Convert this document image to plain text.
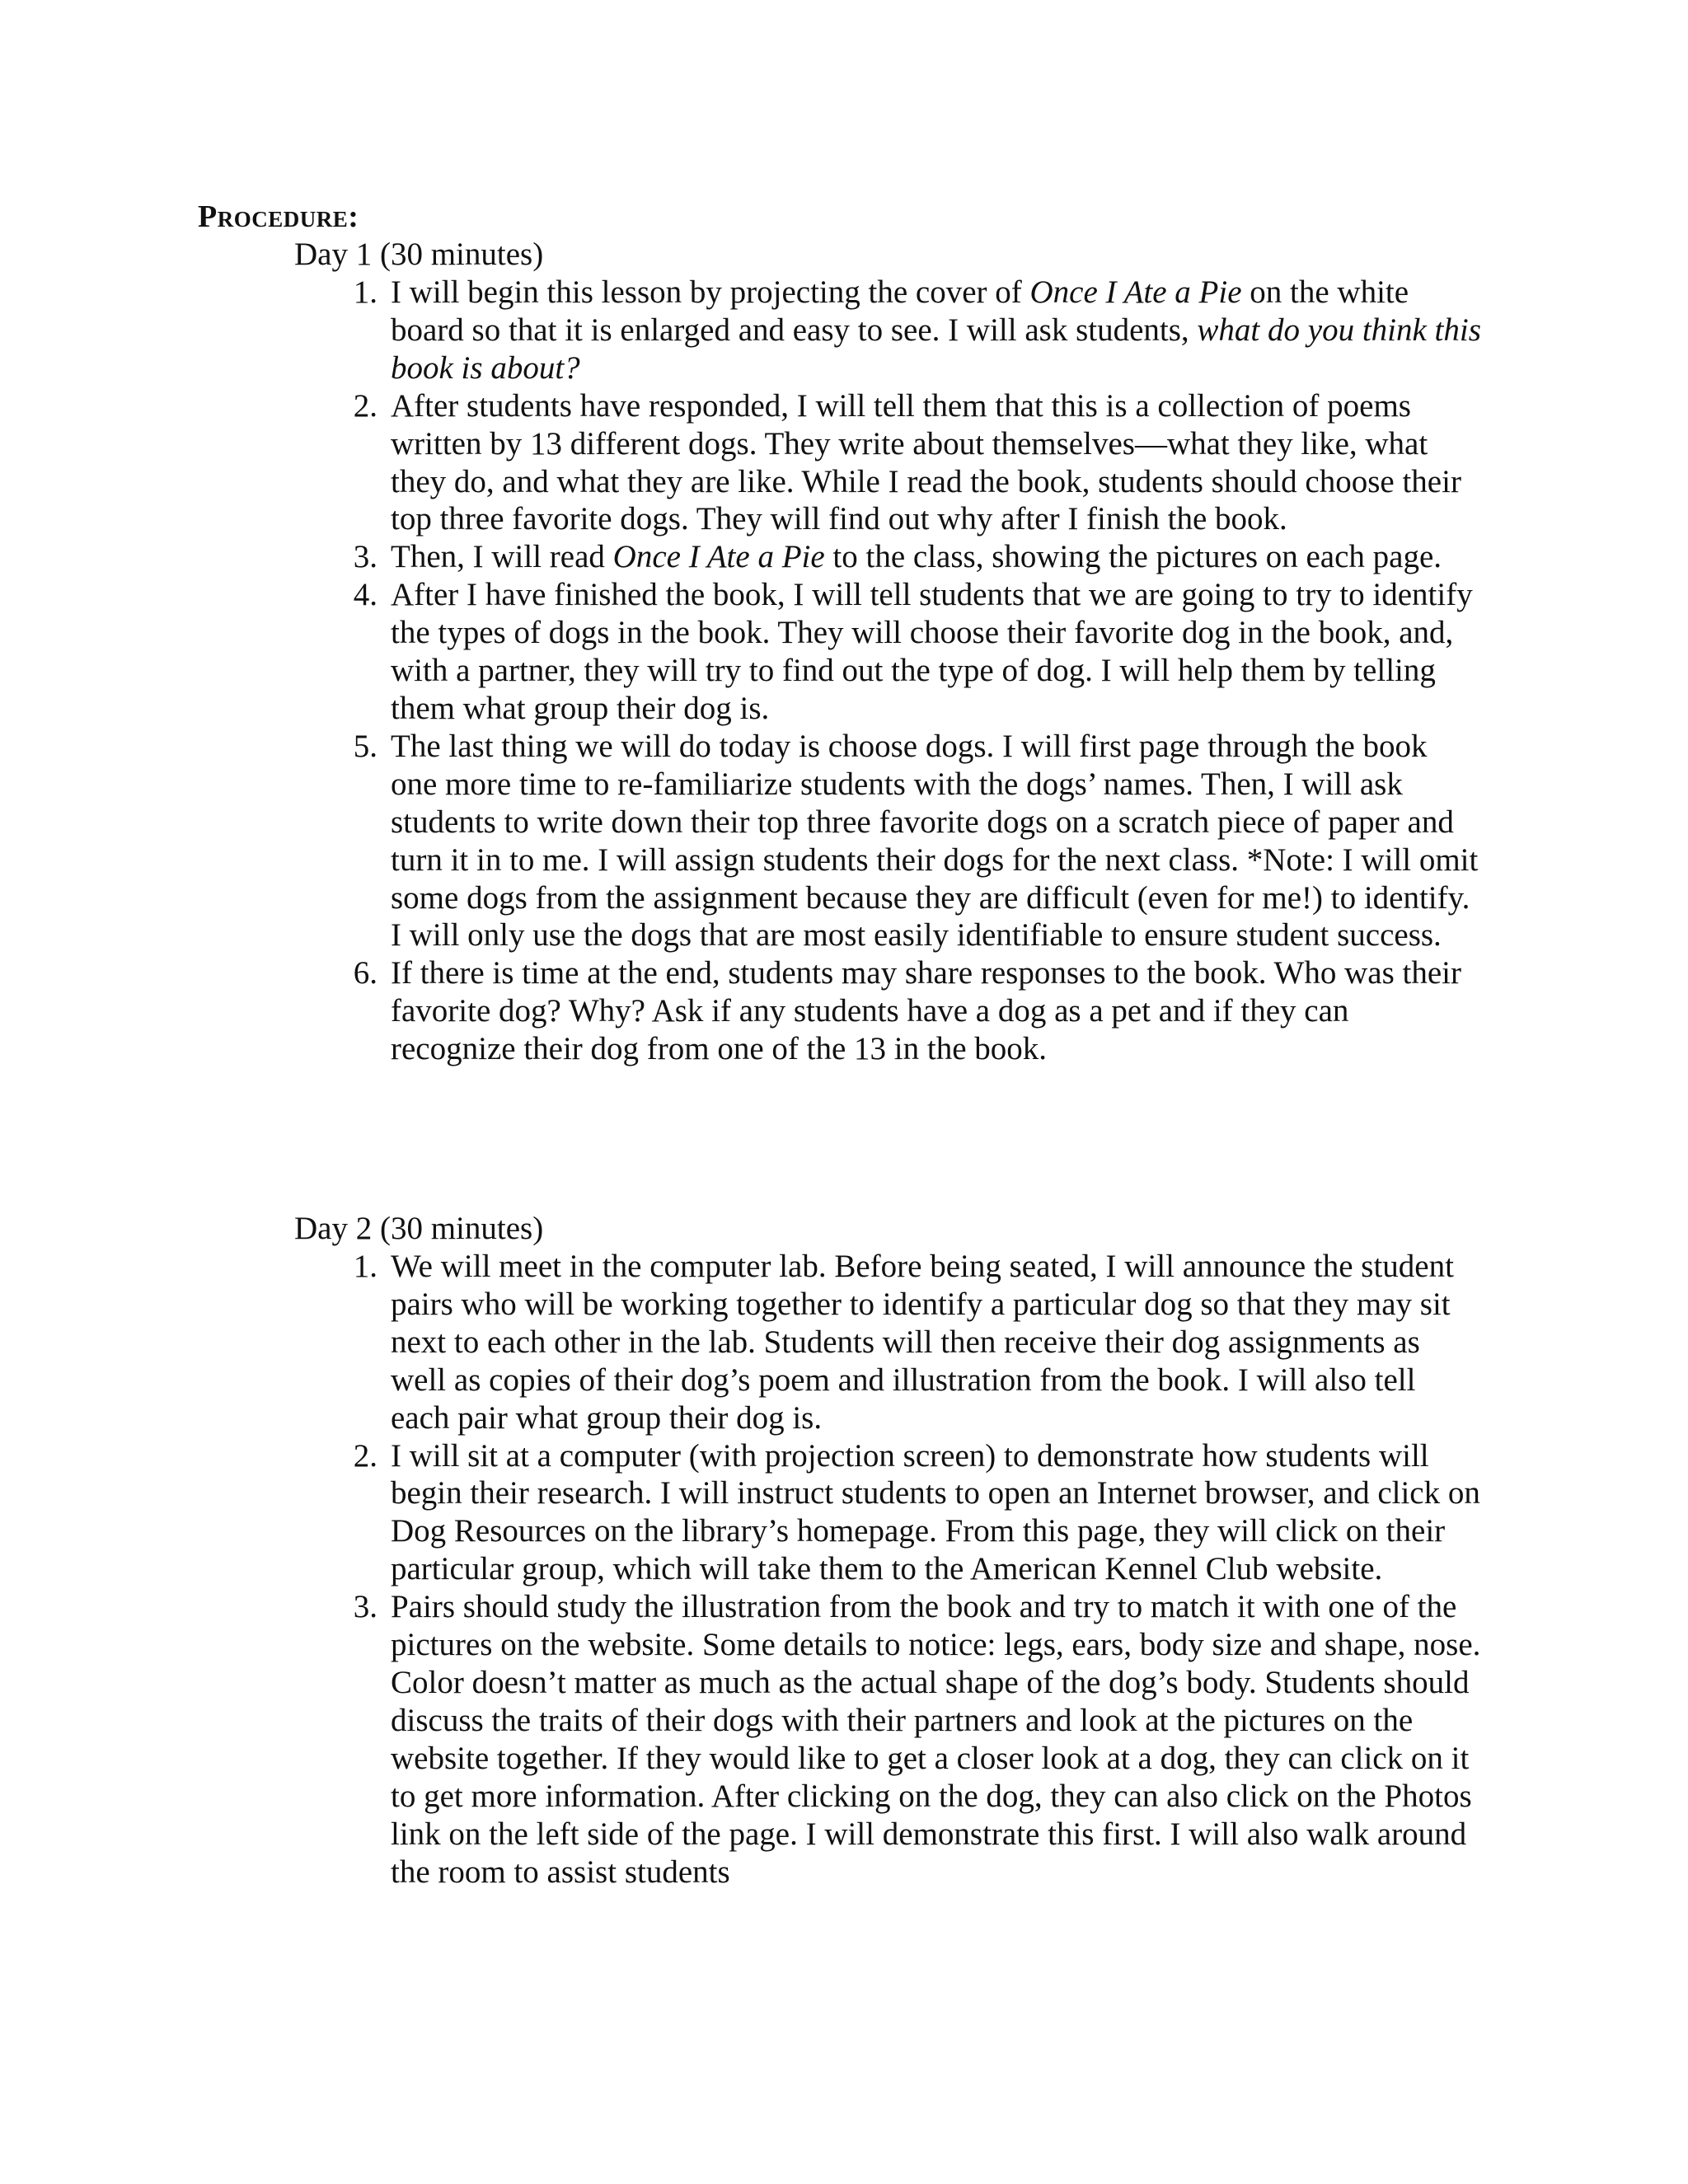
Procedure:
Day 1 (30 minutes)
1. I will begin this lesson by projecting the cover of Once I Ate a Pie on the white board so that it is enlarged and easy to see. I will ask students, what do you think this book is about?
2. After students have responded, I will tell them that this is a collection of poems written by 13 different dogs. They write about themselves—what they like, what they do, and what they are like. While I read the book, students should choose their top three favorite dogs. They will find out why after I finish the book.
3. Then, I will read Once I Ate a Pie to the class, showing the pictures on each page.
4. After I have finished the book, I will tell students that we are going to try to identify the types of dogs in the book. They will choose their favorite dog in the book, and, with a partner, they will try to find out the type of dog. I will help them by telling them what group their dog is.
5. The last thing we will do today is choose dogs. I will first page through the book one more time to re-familiarize students with the dogs’ names. Then, I will ask students to write down their top three favorite dogs on a scratch piece of paper and turn it in to me. I will assign students their dogs for the next class. *Note: I will omit some dogs from the assignment because they are difficult (even for me!) to identify. I will only use the dogs that are most easily identifiable to ensure student success.
6. If there is time at the end, students may share responses to the book. Who was their favorite dog? Why? Ask if any students have a dog as a pet and if they can recognize their dog from one of the 13 in the book.
Day 2 (30 minutes)
1. We will meet in the computer lab. Before being seated, I will announce the student pairs who will be working together to identify a particular dog so that they may sit next to each other in the lab. Students will then receive their dog assignments as well as copies of their dog’s poem and illustration from the book. I will also tell each pair what group their dog is.
2. I will sit at a computer (with projection screen) to demonstrate how students will begin their research. I will instruct students to open an Internet browser, and click on Dog Resources on the library’s homepage. From this page, they will click on their particular group, which will take them to the American Kennel Club website.
3. Pairs should study the illustration from the book and try to match it with one of the pictures on the website. Some details to notice: legs, ears, body size and shape, nose. Color doesn’t matter as much as the actual shape of the dog’s body. Students should discuss the traits of their dogs with their partners and look at the pictures on the website together. If they would like to get a closer look at a dog, they can click on it to get more information. After clicking on the dog, they can also click on the Photos link on the left side of the page. I will demonstrate this first. I will also walk around the room to assist students
